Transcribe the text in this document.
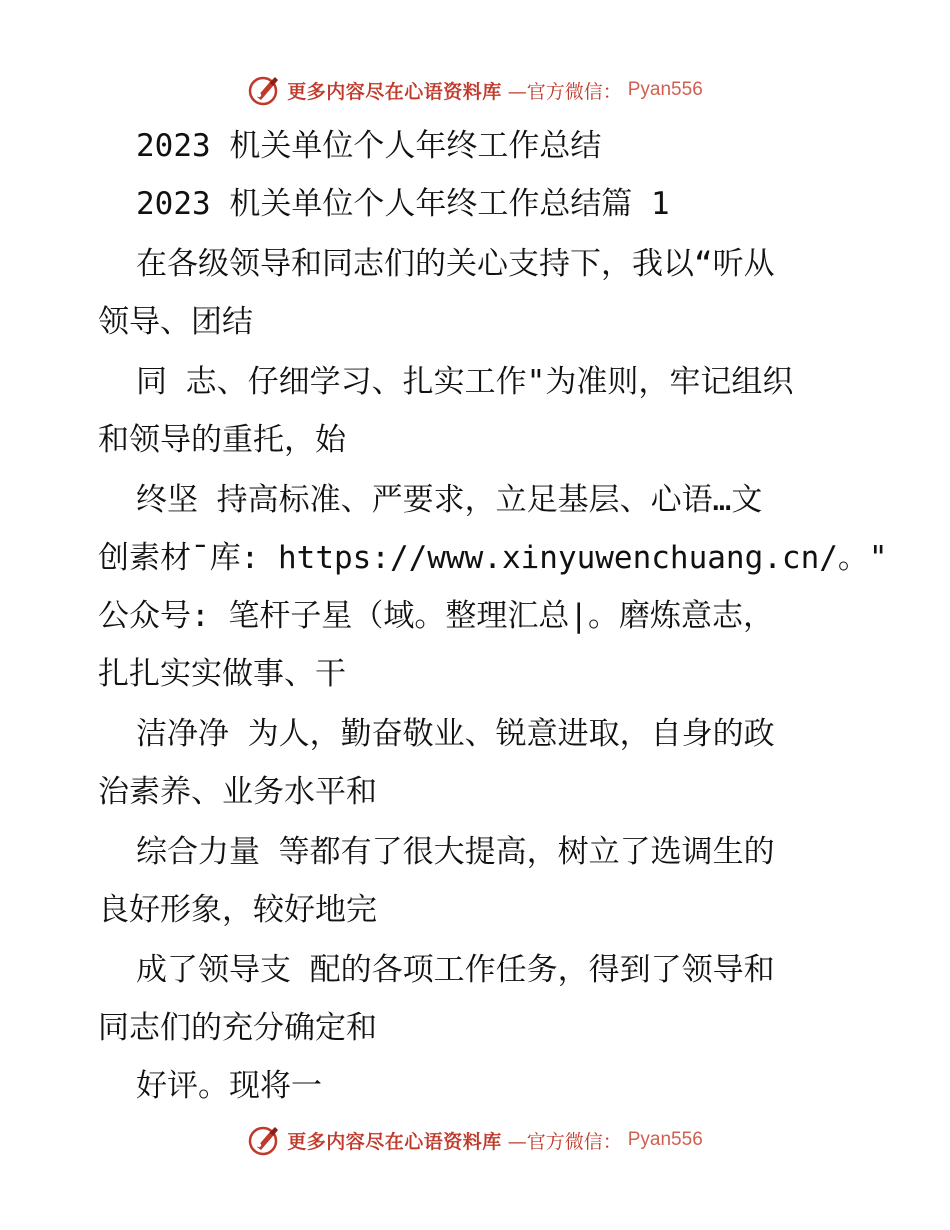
更多内容尽在心语资料库 —官方微信： Pyan556
2023 机关单位个人年终工作总结
2023 机关单位个人年终工作总结篇 1
在各级领导和同志们的关心支持下，我以“听从
领导、团结
同 志、仔细学习、扎实工作"为准则，牢记组织
和领导的重托，始
终坚 持高标准、严要求，立足基层、心语…文
创素材¯库: https://www.xinyuwenchuang.cn/。"
公众号: 笔杆子星（域。整理汇总|。磨炼意志，
扎扎实实做事、干
洁净净 为人，勤奋敬业、锐意进取，自身的政
治素养、业务水平和
综合力量 等都有了很大提高，树立了选调生的
良好形象，较好地完
成了领导支 配的各项工作任务，得到了领导和
同志们的充分确定和
好评。现将一
更多内容尽在心语资料库 —官方微信： Pyan556
